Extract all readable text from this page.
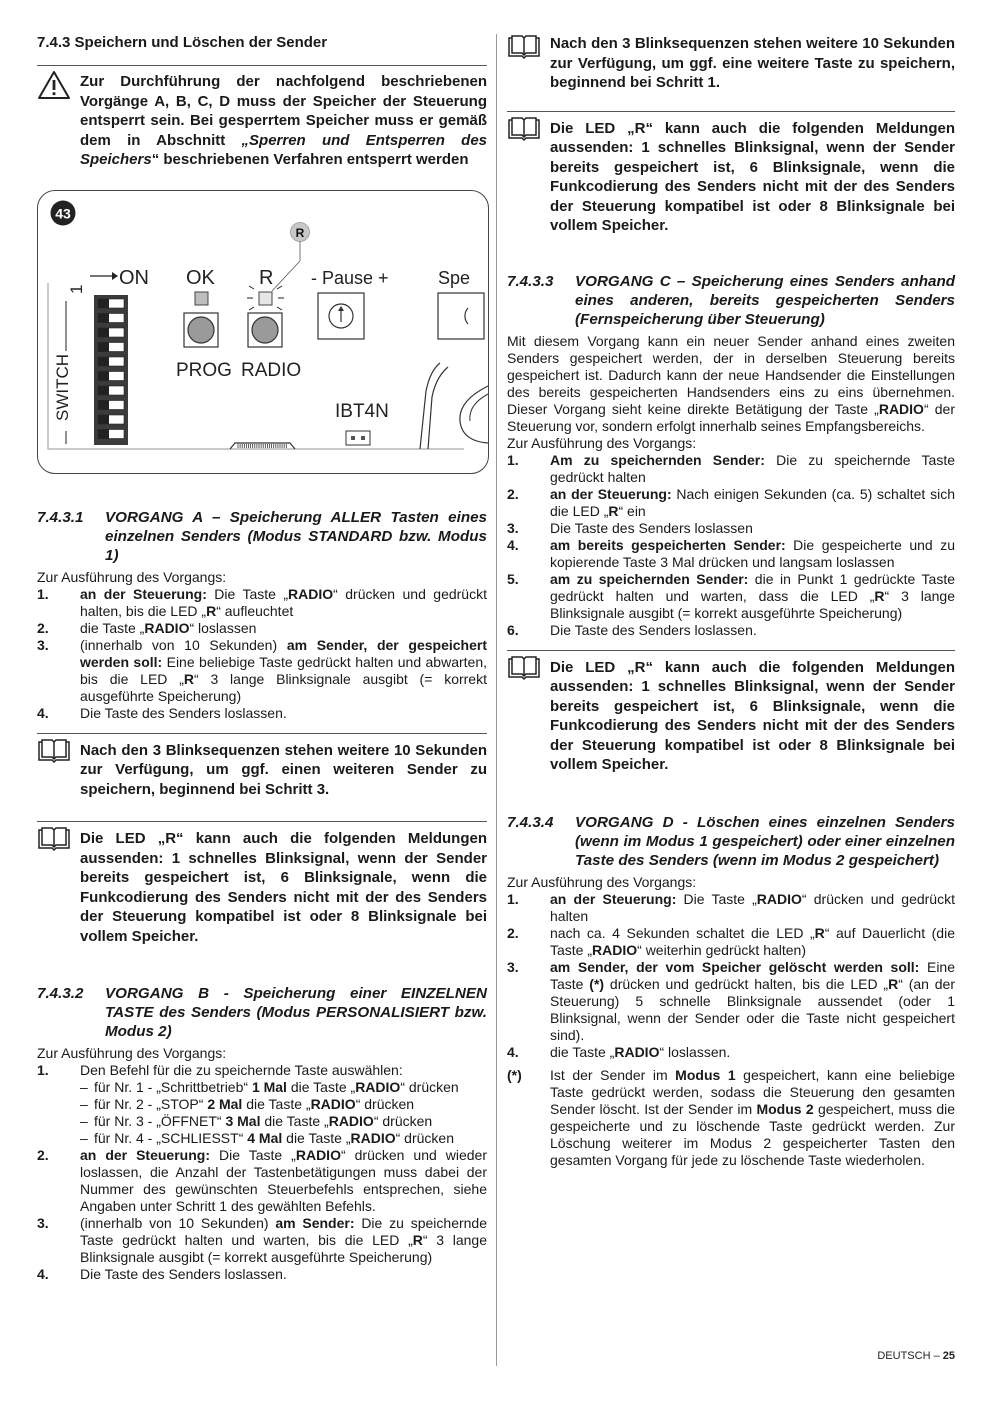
7.4.3 Speichern und Löschen der Sender
Zur Durchführung der nachfolgend beschriebenen Vorgänge A, B, C, D muss der Speicher der Steuerung entsperrt sein. Bei gesperrtem Speicher muss er gemäß dem in Abschnitt „Sperren und Entsperren des Speichers“ beschriebenen Verfahren entsperrt werden
43
R
SWITCH
1
ON OK R
PROG RADIO
- Pause +	Spe
IBT4N
7.4.3.1	VORGANG A – Speicherung ALLER Tasten eines einzelnen Senders (Modus STANDARD bzw. Modus 1)

Zur Ausführung des Vorgangs:

1.	an der Steuerung: Die Taste „RADIO“ drücken und gedrückt halten, bis die LED „R“ aufleuchtet
2.	die Taste „RADIO“ loslassen
3.	(innerhalb von 10 Sekunden) am Sender, der gespeichert werden soll: Eine beliebige Taste gedrückt halten und abwarten, bis die LED „R“ 3 lange Blinksignale ausgibt (= korrekt ausgeführte Speicherung)
4.	Die Taste des Senders loslassen.
Nach den 3 Blinksequenzen stehen weitere 10 Sekunden zur Verfügung, um ggf. einen weiteren Sender zu speichern, beginnend bei Schritt 3.
Die LED „R“ kann auch die folgenden Meldungen aussenden: 1 schnelles Blinksignal, wenn der Sender bereits gespeichert ist, 6 Blinksignale, wenn die Funkcodierung des Senders nicht mit der des Senders der Steuerung kompatibel ist oder 8 Blinksignale bei vollem Speicher.
7.4.3.2	VORGANG B - Speicherung einer EINZELNEN TASTE des Senders (Modus PERSONALISIERT bzw. Modus 2)

Zur Ausführung des Vorgangs:

1.	Den Befehl für die zu speichernde Taste auswählen:
– für Nr. 1 - „Schrittbetrieb“ 1 Mal die Taste „RADIO“ drücken
– für Nr. 2 - „STOP“ 2 Mal die Taste „RADIO“ drücken
– für Nr. 3 - „ÖFFNET“ 3 Mal die Taste „RADIO“ drücken
– für Nr. 4 - „SCHLIESST“ 4 Mal die Taste „RADIO“ drücken
2.	an der Steuerung: Die Taste „RADIO“ drücken und wieder loslassen, die Anzahl der Tastenbetätigungen muss dabei der Nummer des gewünschten Steuerbefehls entsprechen, siehe Angaben unter Schritt 1 des gewählten Befehls.
3.	(innerhalb von 10 Sekunden) am Sender: Die zu speichernde Taste gedrückt halten und warten, bis die LED „R“ 3 lange Blinksignale ausgibt (= korrekt ausgeführte Speicherung)
4.	Die Taste des Senders loslassen.
Nach den 3 Blinksequenzen stehen weitere 10 Sekunden zur Verfügung, um ggf. eine weitere Taste zu speichern, beginnend bei Schritt 1.
Die LED „R“ kann auch die folgenden Meldungen aussenden: 1 schnelles Blinksignal, wenn der Sender bereits gespeichert ist, 6 Blinksignale, wenn die Funkcodierung des Senders nicht mit der des Senders der Steuerung kompatibel ist oder 8 Blinksignale bei vollem Speicher.
7.4.3.3	VORGANG C – Speicherung eines Senders anhand eines anderen, bereits gespeicherten Senders (Fernspeicherung über Steuerung)

Mit diesem Vorgang kann ein neuer Sender anhand eines zweiten Senders gespeichert werden, der in derselben Steuerung bereits gespeichert ist. Dadurch kann der neue Handsender die Einstellungen des bereits gespeicherten Handsenders eins zu eins übernehmen. Dieser Vorgang sieht keine direkte Betätigung der Taste „RADIO“ der Steuerung vor, sondern erfolgt innerhalb seines Empfangsbereichs.

Zur Ausführung des Vorgangs:

1.	Am zu speichernden Sender: Die zu speichernde Taste gedrückt halten
2.	an der Steuerung: Nach einigen Sekunden (ca. 5) schaltet sich die LED „R“ ein
3.	Die Taste des Senders loslassen
4.	am bereits gespeicherten Sender: Die gespeicherte und zu kopierende Taste 3 Mal drücken und langsam loslassen
5.	am zu speichernden Sender: die in Punkt 1 gedrückte Taste gedrückt halten und warten, dass die LED „R“ 3 lange Blinksignale ausgibt (= korrekt ausgeführte Speicherung)
6.	Die Taste des Senders loslassen.
Die LED „R“ kann auch die folgenden Meldungen aussenden: 1 schnelles Blinksignal, wenn der Sender bereits gespeichert ist, 6 Blinksignale, wenn die Funkcodierung des Senders nicht mit der des Senders der Steuerung kompatibel ist oder 8 Blinksignale bei vollem Speicher.
7.4.3.4	VORGANG D - Löschen eines einzelnen Senders (wenn im Modus 1 gespeichert) oder einer einzelnen Taste des Senders (wenn im Modus 2 gespeichert)

Zur Ausführung des Vorgangs:

1.	an der Steuerung: Die Taste „RADIO“ drücken und gedrückt halten
2.	nach ca. 4 Sekunden schaltet die LED „R“ auf Dauerlicht (die Taste „RADIO“ weiterhin gedrückt halten)
3.	am Sender, der vom Speicher gelöscht werden soll: Eine Taste (*) drücken und gedrückt halten, bis die LED „R“ (an der Steuerung) 5 schnelle Blinksignale aussendet (oder 1 Blinksignal, wenn der Sender oder die Taste nicht gespeichert sind).
4.	die Taste „RADIO“ loslassen.
(*)	Ist der Sender im Modus 1 gespeichert, kann eine beliebige Taste gedrückt werden, sodass die Steuerung den gesamten Sender löscht. Ist der Sender im Modus 2 gespeichert, muss die gespeicherte und zu löschende Taste gedrückt werden. Zur Löschung weiterer im Modus 2 gespeicherter Tasten den gesamten Vorgang für jede zu löschende Taste wiederholen.
DEUTSCH – 25
